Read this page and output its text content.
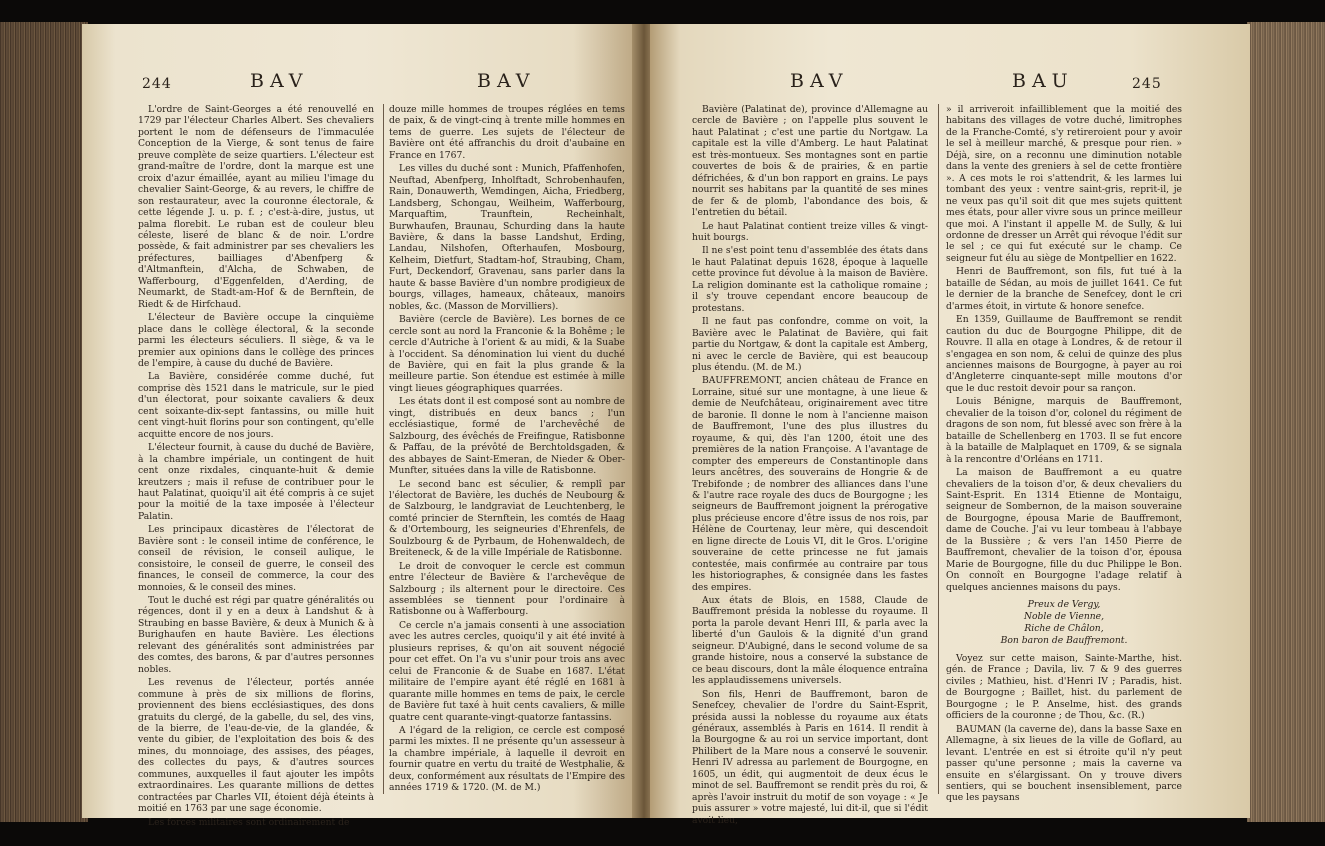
244	BAV	BAV

L'ordre de Saint-Georges a été renouvellé en 1729 par l'électeur Charles Albert. Ses chevaliers portent le nom de défenseurs de l'immaculée Conception de la Vierge, & sont tenus de faire preuve complète de seize quartiers. L'électeur est grand-maître de l'ordre, dont la marque est une croix d'azur émaillée, ayant au milieu l'image du chevalier Saint-George, & au revers, le chiffre de son restaurateur, avec la couronne électorale, & cette légende J. u. p. f. ; c'est-à-dire, justus, ut palma florebit. Le ruban est de couleur bleu céleste, liseré de blanc & de noir. L'ordre possède, & fait administrer par ses chevaliers les préfectures, bailliages d'Abenfperg & d'Altmanftein, d'Alcha, de Schwaben, de Wafferbourg, d'Eggenfelden, d'Aerding, de Neumarkt, de Stadt-am-Hof & de Bernftein, de Riedt & de Hirfchaud.

L'électeur de Bavière occupe la cinquième place dans le collège électoral, & la seconde parmi les électeurs séculiers. Il siège, & va le premier aux opinions dans le collège des princes de l'empire, à cause du duché de Bavière.

La Bavière, considérée comme duché, fut comprise dès 1521 dans le matricule, sur le pied d'un électorat, pour soixante cavaliers & deux cent soixante-dix-sept fantassins, ou mille huit cent vingt-huit florins pour son contingent, qu'elle acquitte encore de nos jours.

L'électeur fournit, à cause du duché de Bavière, à la chambre impériale, un contingent de huit cent onze rixdales, cinquante-huit & demie kreutzers ; mais il refuse de contribuer pour le haut Palatinat, quoiqu'il ait été compris à ce sujet pour la moitié de la taxe imposée à l'électeur Palatin.

Les principaux dicastères de l'électorat de Bavière sont : le conseil intime de conférence, le conseil de révision, le conseil aulique, le consistoire, le conseil de guerre, le conseil des finances, le conseil de commerce, la cour des monnoies, & le conseil des mines.

Tout le duché est régi par quatre généralités ou régences, dont il y en a deux à Landshut & à Straubing en basse Bavière, & deux à Munich & à Burighaufen en haute Bavière. Les élections relevant des généralités sont administrées par des comtes, des barons, & par d'autres personnes nobles.

Les revenus de l'électeur, portés année commune à près de six millions de florins, proviennent des biens ecclésiastiques, des dons gratuits du clergé, de la gabelle, du sel, des vins, de la bierre, de l'eau-de-vie, de la glandée, & vente du gibier, de l'exploitation des bois & des mines, du monnoiage, des assises, des péages, des collectes du pays, & d'autres sources communes, auxquelles il faut ajouter les impôts extraordinaires. Les quarante millions de dettes contractées par Charles VII, étoient déjà éteints à moitié en 1763 par une sage économie.

Les forces militaires sont ordinairement de

douze mille hommes de troupes réglées en tems de paix, & de vingt-cinq à trente mille hommes en tems de guerre. Les sujets de l'électeur de Bavière ont été affranchis du droit d'aubaine en France en 1767.

Les villes du duché sont : Munich, Pfaffenhofen, Neuftad, Abenfperg, Inholftadt, Schrobenhaufen, Rain, Donauwerth, Wemdingen, Aicha, Friedberg, Landsberg, Schongau, Weilheim, Wafferbourg, Marquaftim, Traunftein, Recheinhalt, Burwhaufen, Braunau, Schurding dans la haute Bavière, & dans la basse Landshut, Erding, Landau, Nilshofen, Ofterhaufen, Mosbourg, Kelheim, Dietfurt, Stadtam-hof, Straubing, Cham, Furt, Deckendorf, Gravenau, sans parler dans la haute & basse Bavière d'un nombre prodigieux de bourgs, villages, hameaux, châteaux, manoirs nobles, &c. (Masson de Morvilliers).

Bavière (cercle de Bavière). Les bornes de ce cercle sont au nord la Franconie & la Bohême ; le cercle d'Autriche à l'orient & au midi, & la Suabe à l'occident. Sa dénomination lui vient du duché de Bavière, qui en fait la plus grande & la meilleure partie. Son étendue est estimée à mille vingt lieues géographiques quarrées.

Les états dont il est composé sont au nombre de vingt, distribués en deux bancs ; l'un ecclésiastique, formé de l'archevêché de Salzbourg, des évêchés de Freifingue, Ratisbonne & Paffau, de la prévôté de Berchtoldsgaden, & des abbayes de Saint-Emeran, de Nieder & Ober-Munfter, situées dans la ville de Ratisbonne.

Le second banc est séculier, & remplî par l'électorat de Bavière, les duchés de Neubourg & de Salzbourg, le landgraviat de Leuchtenberg, le comté princier de Sternftein, les comtés de Haag & d'Ortembourg, les seigneuries d'Ehrenfels, de Soulzbourg & de Pyrbaum, de Hohenwaldech, de Breiteneck, & de la ville Impériale de Ratisbonne.

Le droit de convoquer le cercle est commun entre l'électeur de Bavière & l'archevêque de Salzbourg ; ils alternent pour le directoire. Ces assemblées se tiennent pour l'ordinaire à Ratisbonne ou à Wafferbourg.

Ce cercle n'a jamais consenti à une association avec les autres cercles, quoiqu'il y ait été invité à plusieurs reprises, & qu'on ait souvent négocié pour cet effet. On l'a vu s'unir pour trois ans avec celui de Franconie & de Suabe en 1687. L'état militaire de l'empire ayant été réglé en 1681 à quarante mille hommes en tems de paix, le cercle de Bavière fut taxé à huit cents cavaliers, & mille quatre cent quarante-vingt-quatorze fantassins.

A l'égard de la religion, ce cercle est composé parmi les mixtes. Il ne présente qu'un assesseur à la chambre impériale, à laquelle il devroit en fournir quatre en vertu du traité de Westphalie, & deux, conformément aux résultats de l'Empire des années 1719 & 1720. (M. de M.)

BAV	BAU	245

Bavière (Palatinat de), province d'Allemagne au cercle de Bavière ; on l'appelle plus souvent le haut Palatinat ; c'est une partie du Nortgaw. La capitale est la ville d'Amberg. Le haut Palatinat est très-montueux. Ses montagnes sont en partie couvertes de bois & de prairies, & en partie défrichées, & d'un bon rapport en grains. Le pays nourrit ses habitans par la quantité de ses mines de fer & de plomb, l'abondance des bois, & l'entretien du bétail.

Le haut Palatinat contient treize villes & vingt-huit bourgs.

Il ne s'est point tenu d'assemblée des états dans le haut Palatinat depuis 1628, époque à laquelle cette province fut dévolue à la maison de Bavière. La religion dominante est la catholique romaine ; il s'y trouve cependant encore beaucoup de protestans.

Il ne faut pas confondre, comme on voit, la Bavière avec le Palatinat de Bavière, qui fait partie du Nortgaw, & dont la capitale est Amberg, ni avec le cercle de Bavière, qui est beaucoup plus étendu. (M. de M.)

BAUFFREMONT, ancien château de France en Lorraine, situé sur une montagne, à une lieue & demie de Neufchâteau, originairement avec titre de baronie. Il donne le nom à l'ancienne maison de Bauffremont, l'une des plus illustres du royaume, & qui, dès l'an 1200, étoit une des premières de la nation Françoise. A l'avantage de compter des empereurs de Constantinople dans leurs ancêtres, des souverains de Hongrie & de Trebifonde ; de nombrer des alliances dans l'une & l'autre race royale des ducs de Bourgogne ; les seigneurs de Bauffremont joignent la prérogative plus précieuse encore d'être issus de nos rois, par Hélène de Courtenay, leur mère, qui descendoit en ligne directe de Louis VI, dit le Gros. L'origine souveraine de cette princesse ne fut jamais contestée, mais confirmée au contraire par tous les historiographes, & consignée dans les fastes des empires.

Aux états de Blois, en 1588, Claude de Bauffremont présida la noblesse du royaume. Il porta la parole devant Henri III, & parla avec la liberté d'un Gaulois & la dignité d'un grand seigneur. D'Aubigné, dans le second volume de sa grande histoire, nous a conservé la substance de ce beau discours, dont la mâle éloquence entraîna les applaudissemens universels.

Son fils, Henri de Bauffremont, baron de Senefcey, chevalier de l'ordre du Saint-Esprit, présida aussi la noblesse du royaume aux états généraux, assemblés à Paris en 1614. Il rendit à la Bourgogne & au roi un service important, dont Philibert de la Mare nous a conservé le souvenir. Henri IV adressa au parlement de Bourgogne, en 1605, un édit, qui augmentoit de deux écus le minot de sel. Bauffremont se rendit près du roi, & après l'avoir instruit du motif de son voyage : « Je puis assurer » votre majesté, lui dit-il, que si l'édit avoit lieu,

» il arriveroit infailliblement que la moitié des habitans des villages de votre duché, limitrophes de la Franche-Comté, s'y retireroient pour y avoir le sel à meilleur marché, & presque pour rien. » Déjà, sire, on a reconnu une diminution notable dans la vente des greniers à sel de cette frontière ». A ces mots le roi s'attendrit, & les larmes lui tombant des yeux : ventre saint-gris, reprit-il, je ne veux pas qu'il soit dit que mes sujets quittent mes états, pour aller vivre sous un prince meilleur que moi. A l'instant il appelle M. de Sully, & lui ordonne de dresser un Arrêt qui révoque l'édit sur le sel ; ce qui fut exécuté sur le champ. Ce seigneur fut élu au siège de Montpellier en 1622.

Henri de Bauffremont, son fils, fut tué à la bataille de Sédan, au mois de juillet 1641. Ce fut le dernier de la branche de Senefcey, dont le cri d'armes étoit, in virtute & honore senefce.

En 1359, Guillaume de Bauffremont se rendit caution du duc de Bourgogne Philippe, dit de Rouvre. Il alla en otage à Londres, & de retour il s'engagea en son nom, & celui de quinze des plus anciennes maisons de Bourgogne, à payer au roi d'Angleterre cinquante-sept mille moutons d'or que le duc restoit devoir pour sa rançon.

Louis Bénigne, marquis de Bauffremont, chevalier de la toison d'or, colonel du régiment de dragons de son nom, fut blessé avec son frère à la bataille de Schellenberg en 1703. Il se fut encore à la bataille de Malplaquet en 1709, & se signala à la rencontre d'Orléans en 1711.

La maison de Bauffremont a eu quatre chevaliers de la toison d'or, & deux chevaliers du Saint-Esprit. En 1314 Etienne de Montaigu, seigneur de Sombernon, de la maison souveraine de Bourgogne, épousa Marie de Bauffremont, dame de Couche. J'ai vu leur tombeau à l'abbaye de la Bussière ; & vers l'an 1450 Pierre de Bauffremont, chevalier de la toison d'or, épousa Marie de Bourgogne, fille du duc Philippe le Bon. On connoît en Bourgogne l'adage relatif à quelques anciennes maisons du pays.

Preux de Vergy,
Noble de Vienne,
Riche de Châlon,
Bon baron de Bauffremont.

Voyez sur cette maison, Sainte-Marthe, hist. gén. de France ; Davila, liv. 7 & 9 des guerres civiles ; Mathieu, hist. d'Henri IV ; Paradis, hist. de Bourgogne ; Baillet, hist. du parlement de Bourgogne ; le P. Anselme, hist. des grands officiers de la couronne ; de Thou, &c. (R.)

BAUMAN (la caverne de), dans la basse Saxe en Allemagne, à six lieues de la ville de Goflard, au levant. L'entrée en est si étroite qu'il n'y peut passer qu'une personne ; mais la caverne va ensuite en s'élargissant. On y trouve divers sentiers, qui se bouchent insensiblement, parce que les paysans
